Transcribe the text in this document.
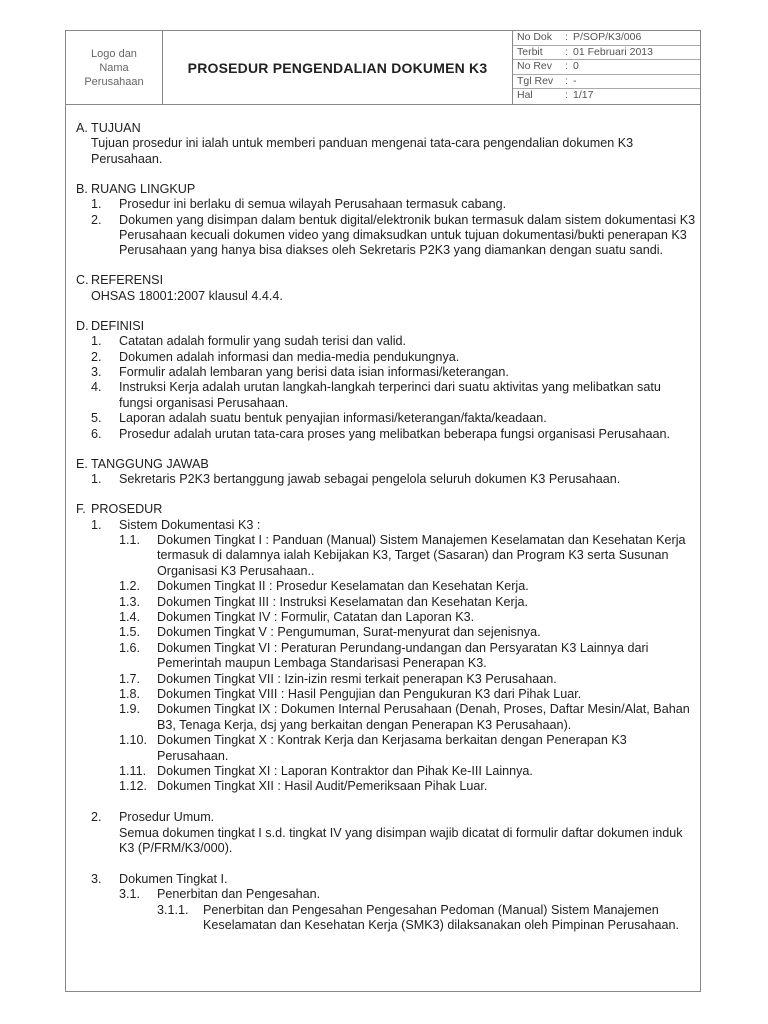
Logo dan
Nama
Perusahaan
PROSEDUR PENGENDALIAN DOKUMEN K3
No Dok	: P/SOP/K3/006
Terbit	: 01 Februari 2013
No Rev	: 0
Tgl Rev	: -
Hal	: 1/17
A. TUJUAN
Tujuan prosedur ini ialah untuk memberi panduan mengenai tata-cara pengendalian dokumen K3 Perusahaan.
B. RUANG LINGKUP
1.	Prosedur ini berlaku di semua wilayah Perusahaan termasuk cabang.
2.	Dokumen yang disimpan dalam bentuk digital/elektronik bukan termasuk dalam sistem dokumentasi K3 Perusahaan kecuali dokumen video yang dimaksudkan untuk tujuan dokumentasi/bukti penerapan K3 Perusahaan yang hanya bisa diakses oleh Sekretaris P2K3 yang diamankan dengan suatu sandi.
C. REFERENSI
OHSAS 18001:2007 klausul 4.4.4.
D. DEFINISI
1.	Catatan adalah formulir yang sudah terisi dan valid.
2.	Dokumen adalah informasi dan media-media pendukungnya.
3.	Formulir adalah lembaran yang berisi data isian informasi/keterangan.
4.	Instruksi Kerja adalah urutan langkah-langkah terperinci dari suatu aktivitas yang melibatkan satu fungsi organisasi Perusahaan.
5.	Laporan adalah suatu bentuk penyajian informasi/keterangan/fakta/keadaan.
6.	Prosedur adalah urutan tata-cara proses yang melibatkan beberapa fungsi organisasi Perusahaan.
E. TANGGUNG JAWAB
1.	Sekretaris P2K3 bertanggung jawab sebagai pengelola seluruh dokumen K3 Perusahaan.
F. PROSEDUR
1.	Sistem Dokumentasi K3 :
1.1.	Dokumen Tingkat I : Panduan (Manual) Sistem Manajemen Keselamatan dan Kesehatan Kerja termasuk di dalamnya ialah Kebijakan K3, Target (Sasaran) dan Program K3 serta Susunan Organisasi K3 Perusahaan..
1.2.	Dokumen Tingkat II : Prosedur Keselamatan dan Kesehatan Kerja.
1.3.	Dokumen Tingkat III : Instruksi Keselamatan dan Kesehatan Kerja.
1.4.	Dokumen Tingkat IV : Formulir, Catatan dan Laporan K3.
1.5.	Dokumen Tingkat V : Pengumuman, Surat-menyurat dan sejenisnya.
1.6.	Dokumen Tingkat VI : Peraturan Perundang-undangan dan Persyaratan K3 Lainnya dari Pemerintah maupun Lembaga Standarisasi Penerapan K3.
1.7.	Dokumen Tingkat VII : Izin-izin resmi terkait penerapan K3 Perusahaan.
1.8.	Dokumen Tingkat VIII : Hasil Pengujian dan Pengukuran K3 dari Pihak Luar.
1.9.	Dokumen Tingkat IX : Dokumen Internal Perusahaan (Denah, Proses, Daftar Mesin/Alat, Bahan B3, Tenaga Kerja, dsj yang berkaitan dengan Penerapan K3 Perusahaan).
1.10. Dokumen Tingkat X : Kontrak Kerja dan Kerjasama berkaitan dengan Penerapan K3 Perusahaan.
1.11. Dokumen Tingkat XI : Laporan Kontraktor dan Pihak Ke-III Lainnya.
1.12. Dokumen Tingkat XII : Hasil Audit/Pemeriksaan Pihak Luar.
2.	Prosedur Umum.
Semua dokumen tingkat I s.d. tingkat IV yang disimpan wajib dicatat di formulir daftar dokumen induk K3 (P/FRM/K3/000).
3.	Dokumen Tingkat I.
3.1.	Penerbitan dan Pengesahan.
3.1.1.	Penerbitan dan Pengesahan Pengesahan Pedoman (Manual) Sistem Manajemen Keselamatan dan Kesehatan Kerja (SMK3) dilaksanakan oleh Pimpinan Perusahaan.
